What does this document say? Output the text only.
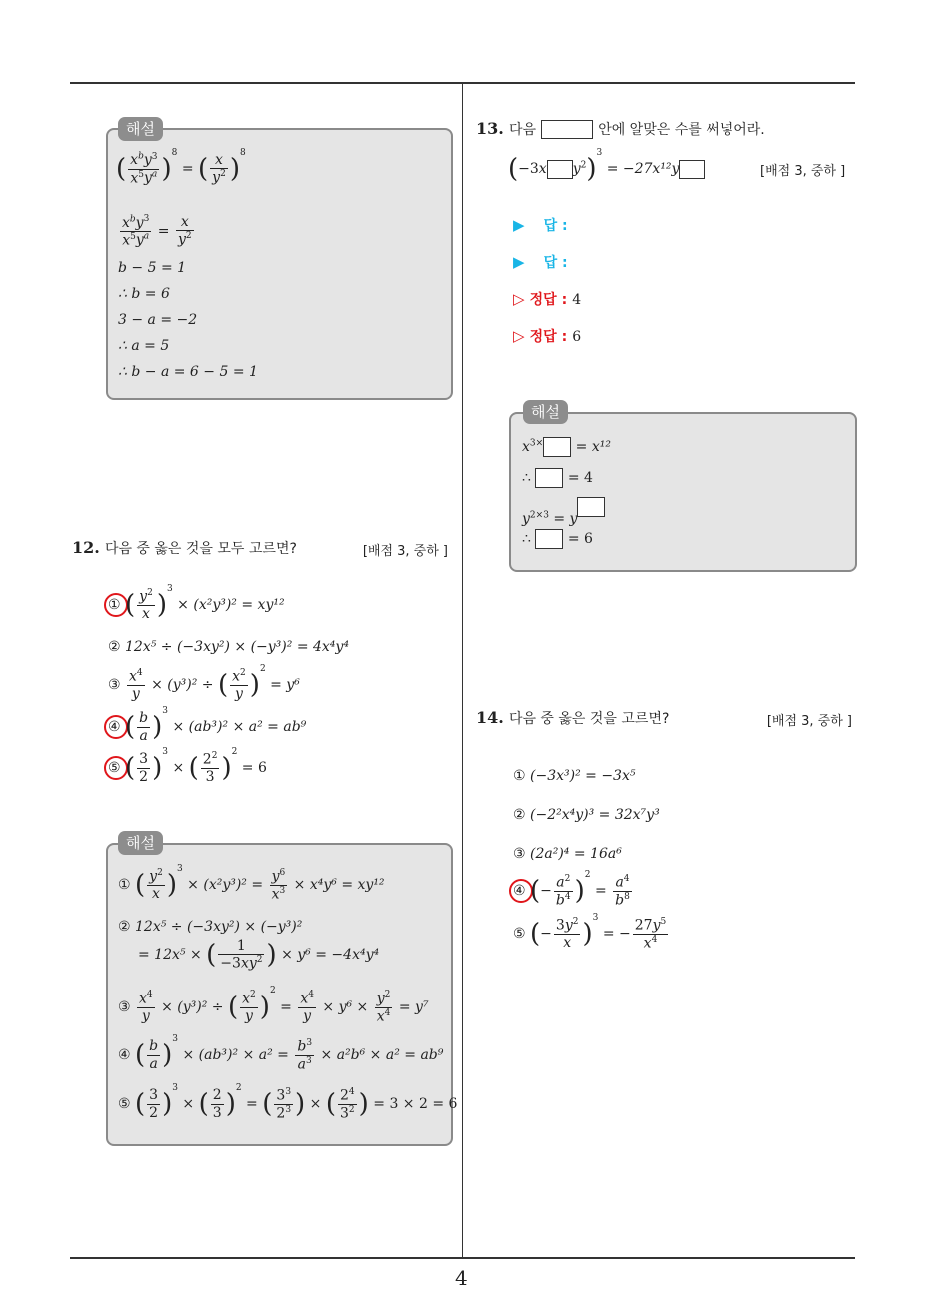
4
해설
( $\frac{x^by^3}{x^5y^a} )^8$ = ( $\frac{x}{y^2} )^8$
$\frac{x^by^3}{x^5y^a} = \frac{x}{y^2}$
b − 5 = 1
∴ b = 6
3 − a = −2
∴ a = 5
∴ b − a = 6 − 5 = 1
12. 다음 중 옳은 것을 모두 고르면?	[배점 3, 중하 ]
① ( $\frac{y^2}{x} )^3 \times (x^2y^3)^2 = xy^{12}$
② 12x⁵ ÷ (−3xy²) × (−y³)² = 4x⁴y⁴
③ $\frac{x^4}{y} \times (y^3)^2$ ÷ ( $\frac{x^2}{y} )^2 = y^6$
④ ( $\frac{b}{a} )^3 \times (ab^3)^2 \times a^2 = ab^9$
⑤ ( $\frac{3}{2} )^3$ × ( $\frac{2^2}{3} )^2 = 6$
해설
① ( $\frac{y^2}{x} )^3 \times (x^2y^3)^2 = \frac{y^6}{x^3} \times x^4y^6 = xy^{12}$
② 12x⁵ ÷ (−3xy²) × (−y³)²
= 12x⁵ × ( $\frac{1}{-3xy^2}$ ) × y⁶ = −4x⁴y⁴
③ $\frac{x^4}{y} \times (y^3)^2$ ÷ ( $\frac{x^2}{y} )^2 = \frac{x^4}{y} \times y^6 \times \frac{y^2}{x^4} = y^7$
④ ( $\frac{b}{a} )^3 \times (ab^3)^2 \times a^2 = \frac{b^3}{a^3} \times a^2b^6 \times a^2 = ab^9$
⑤ ( $\frac{3}{2} )^3$ × ( $\frac{2}{3} )^2$ = ( $\frac{3^3}{2^3}$ ) × ( $\frac{2^4}{3^2}$ ) = 3 × 2 = 6
13. 다음	안에 알맞은 수를 써넣어라.
(−3x $y^2)^3 = -27x^{12}y$	[배점 3, 중하 ]
▶ 답 :
▶ 답 :
▷ 정답 : 4
▷ 정답 : 6
해설
$x^{3\times} = x^{12}$
∴	= 4
$y^{2\times 3} = y$
∴	= 6
14. 다음 중 옳은 것을 고르면?	[배점 3, 중하 ]
① (−3x³)² = −3x⁵
② (−2²x⁴y)³ = 32x⁷y³
③ (2a²)⁴ = 16a⁶
④ (− $\frac{a^2}{b^4} )^2 = \frac{a^4}{b^8}$
⑤ (− $\frac{3y^2}{x} )^3$ = − $\frac{27y^5}{x^4}$
